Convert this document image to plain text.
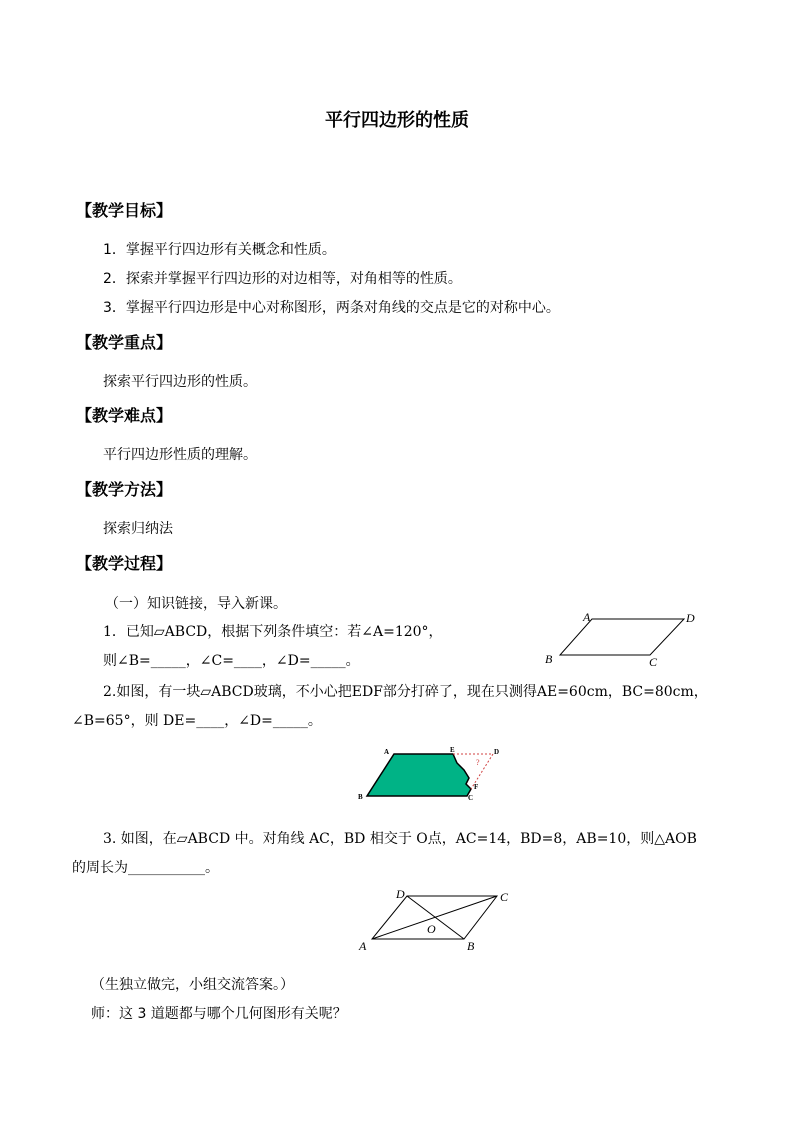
平行四边形的性质
【教学目标】
1．掌握平行四边形有关概念和性质。
2．探索并掌握平行四边形的对边相等，对角相等的性质。
3．掌握平行四边形是中心对称图形，两条对角线的交点是它的对称中心。
【教学重点】
探索平行四边形的性质。
【教学难点】
平行四边形性质的理解。
【教学方法】
探索归纳法
【教学过程】
（一）知识链接，导入新课。
1．已知▱ABCD，根据下列条件填空：若∠A=120°，
则∠B=_____，∠C=____，∠D=_____。
A	D
B	C
2.如图，有一块▱ABCD玻璃，不小心把EDF部分打碎了，现在只测得AE=60cm，BC=80cm，
∠B=65°，则 DE=____，∠D=_____。
A	E	D
F
B	C
?
3. 如图，在▱ABCD 中。对角线 AC，BD 相交于 O点，AC=14，BD=8，AB=10，则△AOB
的周长为___________。
D	C
O
A	B
（生独立做完，小组交流答案。）
师：这 3 道题都与哪个几何图形有关呢？
